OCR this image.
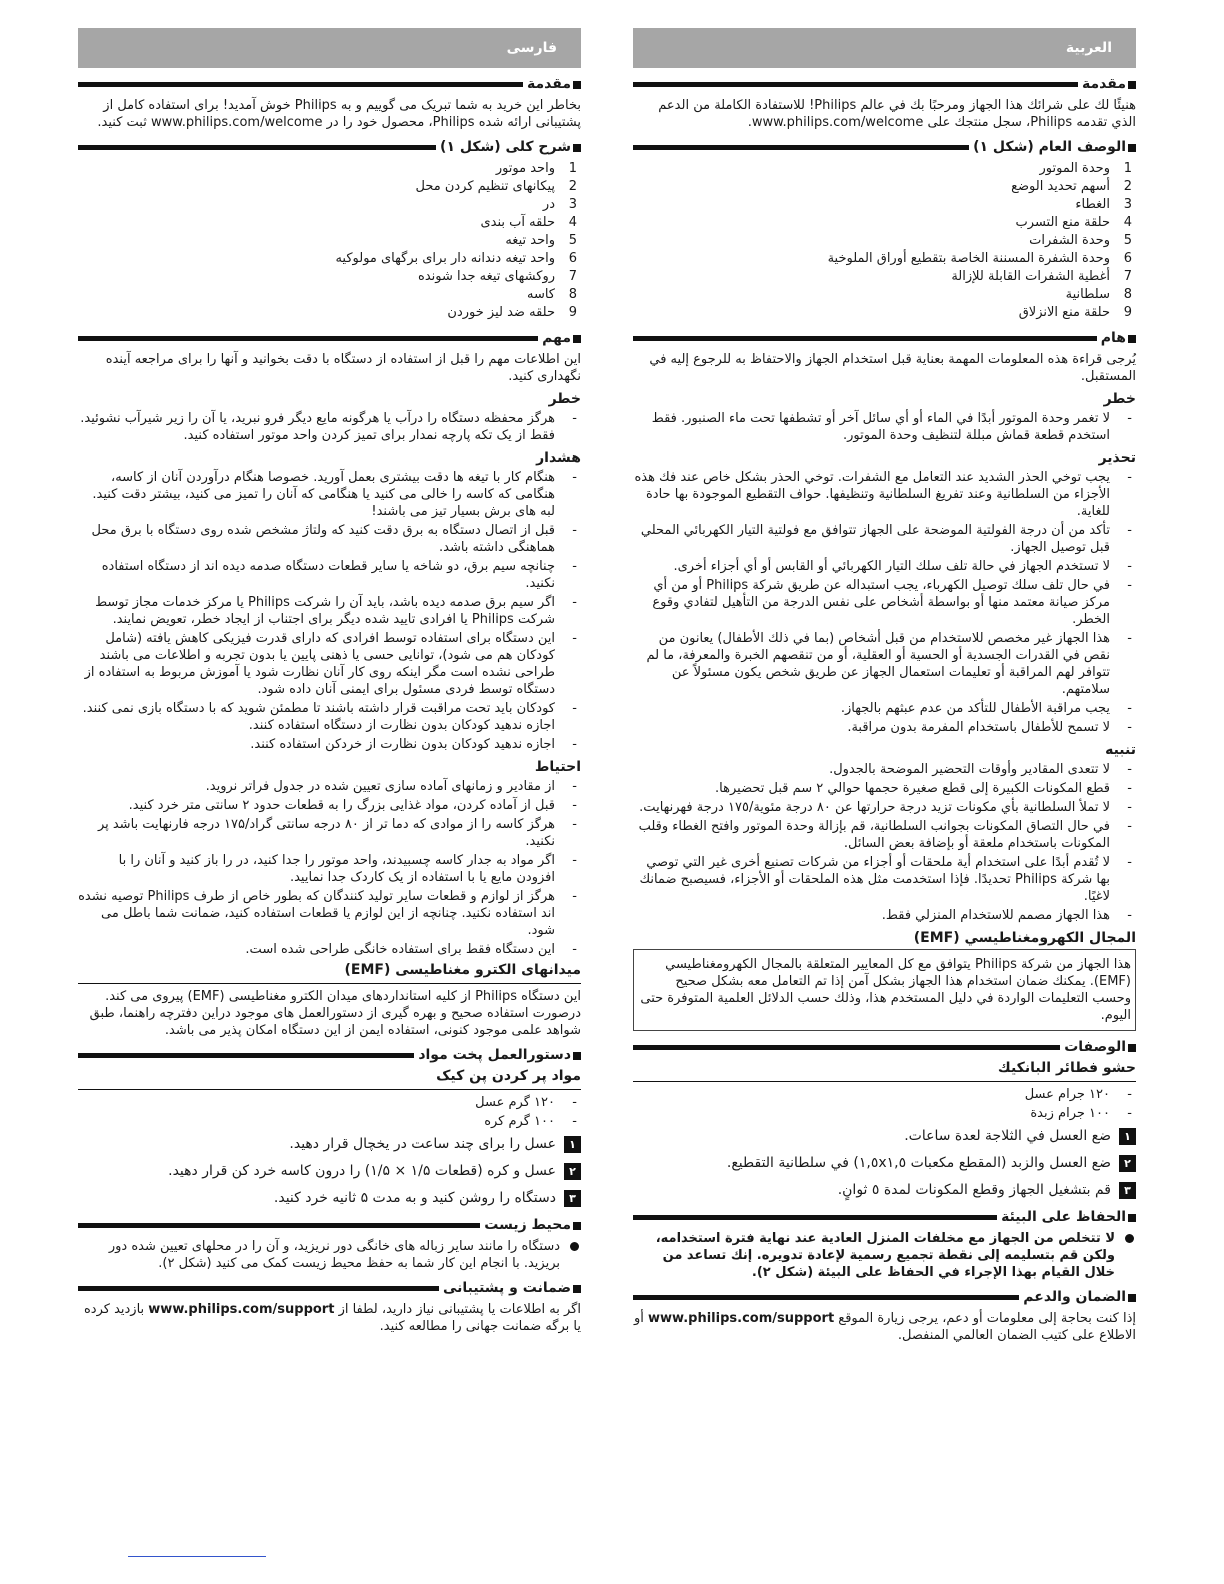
فارسی
مقدمة

بخاطر این خرید به شما تبریک می گوییم و به Philips خوش آمدید! برای استفاده کامل از پشتیبانی ارائه شده Philips، محصول خود را در www.philips.com/welcome ثبت کنید.

شرح کلی (شکل ۱)
1
واحد موتور
2
پیکانهای تنظیم کردن محل
3
در
4
حلقه آب بندی
5
واحد تیغه
6
واحد تیغه دندانه دار برای برگهای مولوکیه
7
روکشهای تیغه جدا شونده
8
کاسه
9
حلقه ضد لیز خوردن
مهم

این اطلاعات مهم را قبل از استفاده از دستگاه با دقت بخوانید و آنها را برای مراجعه آینده نگهداری کنید.

خطر
-
هرگز محفظه دستگاه را درآب یا هرگونه مایع دیگر فرو نبرید، یا آن را زیر شیرآب نشوئید. فقط از یک تکه پارچه نمدار برای تمیز کردن واحد موتور استفاده کنید.
هشدار
-
هنگام کار با تیغه ها دقت بیشتری بعمل آورید. خصوصا هنگام درآوردن آنان از کاسه، هنگامی که کاسه را خالی می کنید یا هنگامی که آنان را تمیز می کنید، بیشتر دقت کنید. لبه های برش بسیار تیز می باشند!
-
قبل از اتصال دستگاه به برق دقت کنید که ولتاژ مشخص شده روی دستگاه با برق محل هماهنگی داشته باشد.
-
چنانچه سیم برق، دو شاخه یا سایر قطعات دستگاه صدمه دیده اند از دستگاه استفاده نکنید.
-
اگر سیم برق صدمه دیده باشد، باید آن را شرکت Philips یا مرکز خدمات مجاز توسط شرکت Philips یا افرادی تایید شده دیگر برای اجتناب از ایجاد خطر، تعویض نمایند.
-
این دستگاه برای استفاده توسط افرادی که دارای قدرت فیزیکی کاهش یافته (شامل کودکان هم می شود)، توانایی حسی یا ذهنی پایین یا بدون تجربه و اطلاعات می باشند طراحی نشده است مگر اینکه روی کار آنان نظارت شود یا آموزش مربوط به استفاده از دستگاه توسط فردی مسئول برای ایمنی آنان داده شود.
-
کودکان باید تحت مراقبت قرار داشته باشند تا مطمئن شوید که با دستگاه بازی نمی کنند. اجازه ندهید کودکان بدون نظارت از دستگاه استفاده کنند.
-
اجازه ندهید کودکان بدون نظارت از خردکن استفاده کنند.
احتیاط
-
از مقادیر و زمانهای آماده سازی تعیین شده در جدول فراتر نروید.
-
قبل از آماده کردن، مواد غذایی بزرگ را به قطعات حدود ۲ سانتی متر خرد کنید.
-
هرگز کاسه را از موادی که دما تر از ۸۰ درجه سانتی گراد/۱۷۵ درجه فارنهایت باشد پر نکنید.
-
اگر مواد به جدار کاسه چسبیدند، واحد موتور را جدا کنید، در را باز کنید و آنان را با افزودن مایع یا با استفاده از یک کاردک جدا نمایید.
-
هرگز از لوازم و قطعات سایر تولید کنندگان که بطور خاص از طرف Philips توصیه نشده اند استفاده نکنید. چنانچه از این لوازم یا قطعات استفاده کنید، ضمانت شما باطل می شود.
-
این دستگاه فقط برای استفاده خانگی طراحی شده است.
میدانهای الکترو مغناطیسی (EMF)

این دستگاه Philips از کلیه استانداردهای میدان الکترو مغناطیسی (EMF) پیروی می کند. درصورت استفاده صحیح و بهره گیری از دستورالعمل های موجود دراین دفترچه راهنما، طبق شواهد علمی موجود کنونی، استفاده ایمن از این دستگاه امکان پذیر می باشد.

دستورالعمل پخت مواد
مواد پر کردن پن کیک
-
۱۲۰ گرم عسل
-
۱۰۰ گرم کره
۱
عسل را برای چند ساعت در یخچال قرار دهید.
۲
عسل و کره (قطعات ۱/۵ × ۱/۵) را درون کاسه خرد کن قرار دهید.
۳
دستگاه را روشن کنید و به مدت ۵ ثانیه خرد کنید.
محیط زیست
دستگاه را مانند سایر زباله های خانگی دور نریزید، و آن را در محلهای تعیین شده دور بریزید. با انجام این کار شما به حفظ محیط زیست کمک می کنید (شکل ۲).
ضمانت و پشتیبانی

اگر به اطلاعات یا پشتیبانی نیاز دارید، لطفا از www.philips.com/support بازدید کرده یا برگه ضمانت جهانی را مطالعه کنید.

العربية
مقدمة

هنيئًا لك على شرائك هذا الجهاز ومرحبًا بك في عالم Philips! للاستفادة الكاملة من الدعم الذي تقدمه Philips، سجل منتجك على www.philips.com/welcome.

الوصف العام (شكل ١)
1
وحدة الموتور
2
أسهم تحديد الوضع
3
الغطاء
4
حلقة منع التسرب
5
وحدة الشفرات
6
وحدة الشفرة المسننة الخاصة بتقطيع أوراق الملوخية
7
أغطية الشفرات القابلة للإزالة
8
سلطانية
9
حلقة منع الانزلاق
هام

يُرجى قراءة هذه المعلومات المهمة بعناية قبل استخدام الجهاز والاحتفاظ به للرجوع إليه في المستقبل.

خطر
-
لا تغمر وحدة الموتور أبدًا في الماء أو أي سائل آخر أو تشطفها تحت ماء الصنبور. فقط استخدم قطعة قماش مبللة لتنظيف وحدة الموتور.
تحذير
-
يجب توخي الحذر الشديد عند التعامل مع الشفرات. توخي الحذر بشكل خاص عند فك هذه الأجزاء من السلطانية وعند تفريغ السلطانية وتنظيفها. حواف التقطيع الموجودة بها حادة للغاية.
-
تأكد من أن درجة الفولتية الموضحة على الجهاز تتوافق مع فولتية التيار الكهربائي المحلي قبل توصيل الجهاز.
-
لا تستخدم الجهاز في حالة تلف سلك التيار الكهربائي أو القابس أو أي أجزاء أخرى.
-
في حال تلف سلك توصيل الكهرباء، يجب استبداله عن طريق شركة Philips أو من أي مركز صيانة معتمد منها أو بواسطة أشخاص على نفس الدرجة من التأهيل لتفادي وقوع الخطر.
-
هذا الجهاز غير مخصص للاستخدام من قبل أشخاص (بما في ذلك الأطفال) يعانون من نقص في القدرات الجسدية أو الحسية أو العقلية، أو من تنقصهم الخبرة والمعرفة، ما لم تتوافر لهم المراقبة أو تعليمات استعمال الجهاز عن طريق شخص يكون مسئولاً عن سلامتهم.
-
يجب مراقبة الأطفال للتأكد من عدم عبثهم بالجهاز.
-
لا تسمح للأطفال باستخدام المفرمة بدون مراقبة.
تنبيه
-
لا تتعدى المقادير وأوقات التحضير الموضحة بالجدول.
-
قطع المكونات الكبيرة إلى قطع صغيرة حجمها حوالي ٢ سم قبل تحضيرها.
-
لا تملأ السلطانية بأي مكونات تزيد درجة حرارتها عن ٨٠ درجة مئوية/١٧٥ درجة فهرنهايت.
-
في حال التصاق المكونات بجوانب السلطانية، قم بإزالة وحدة الموتور وافتح الغطاء وقلب المكونات باستخدام ملعقة أو بإضافة بعض السائل.
-
لا تُقدم أبدًا على استخدام أية ملحقات أو أجزاء من شركات تصنيع أخرى غير التي توصي بها شركة Philips تحديدًا. فإذا استخدمت مثل هذه الملحقات أو الأجزاء، فسيصبح ضمانك لاغيًا.
-
هذا الجهاز مصمم للاستخدام المنزلي فقط.
المجال الكهرومغناطيسي (EMF)

هذا الجهاز من شركة Philips يتوافق مع كل المعايير المتعلقة بالمجال الكهرومغناطيسي (EMF). يمكنك ضمان استخدام هذا الجهاز بشكل آمن إذا تم التعامل معه بشكل صحيح وحسب التعليمات الواردة في دليل المستخدم هذا، وذلك حسب الدلائل العلمية المتوفرة حتى اليوم.

الوصفات
حشو فطائر البانكيك
-
١٢٠ جرام عسل
-
١٠٠ جرام زبدة
١
ضع العسل في الثلاجة لعدة ساعات.
٢
ضع العسل والزبد (المقطع مكعبات ١,٥x١,٥) في سلطانية التقطيع.
٣
قم بتشغيل الجهاز وقطع المكونات لمدة ٥ ثوانٍ.
الحفاظ على البيئة
لا تتخلص من الجهاز مع مخلفات المنزل العادية عند نهاية فترة استخدامه، ولكن قم بتسليمه إلى نقطة تجميع رسمية لإعادة تدويره. إنك تساعد من خلال القيام بهذا الإجراء في الحفاظ على البيئة (شكل ٢).
الضمان والدعم

إذا كنت بحاجة إلى معلومات أو دعم، يرجى زيارة الموقع www.philips.com/support أو الاطلاع على كتيب الضمان العالمي المنفصل.
